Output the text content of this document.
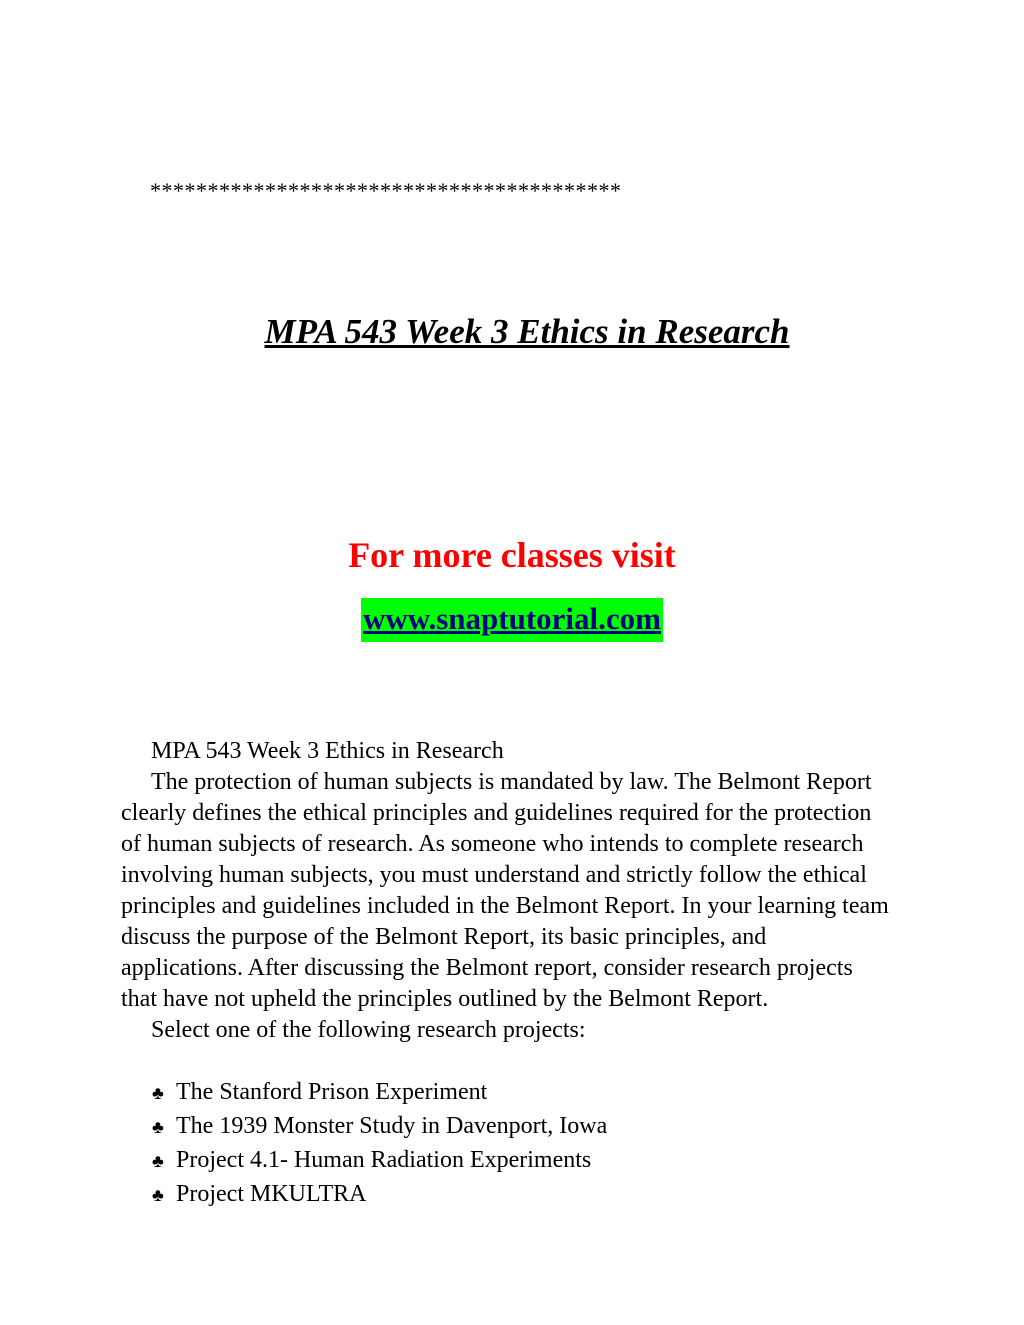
*****************************************
MPA 543 Week 3 Ethics in Research
For more classes visit
www.snaptutorial.com

MPA 543 Week 3 Ethics in Research

The protection of human subjects is mandated by law. The Belmont Report clearly defines the ethical principles and guidelines required for the protection of human subjects of research. As someone who intends to complete research involving human subjects, you must understand and strictly follow the ethical principles and guidelines included in the Belmont Report. In your learning team discuss the purpose of the Belmont Report, its basic principles, and applications. After discussing the Belmont report, consider research projects that have not upheld the principles outlined by the Belmont Report.

Select one of the following research projects:

♣ The Stanford Prison Experiment
♣ The 1939 Monster Study in Davenport, Iowa
♣ Project 4.1- Human Radiation Experiments
♣ Project MKULTRA
